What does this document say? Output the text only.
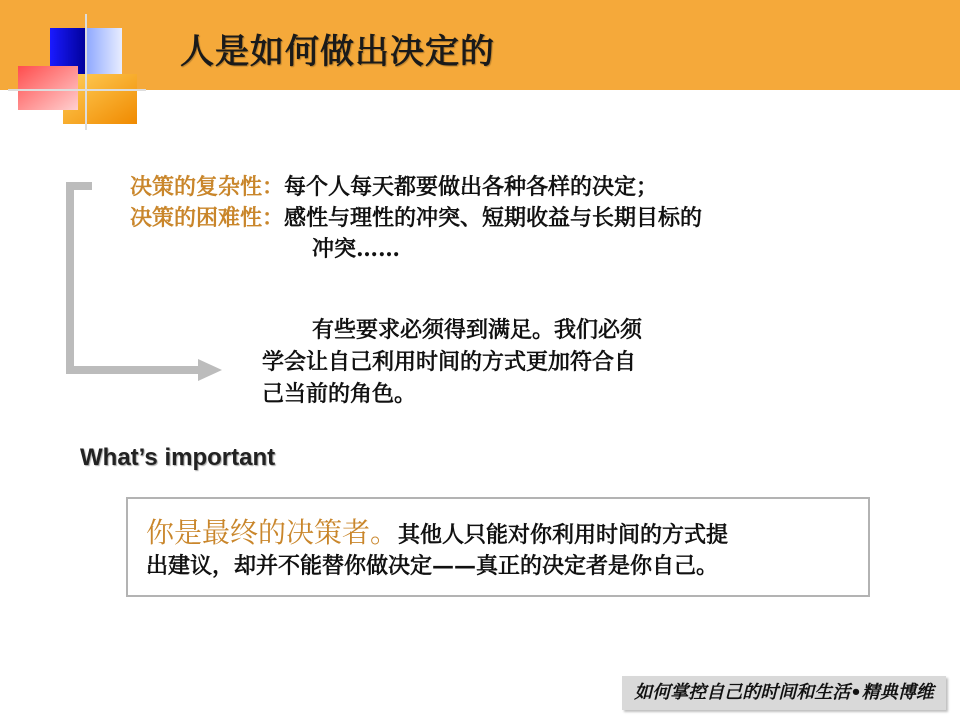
人是如何做出决定的
决策的复杂性：每个人每天都要做出各种各样的决定；
决策的困难性：感性与理性的冲突、短期收益与长期目标的
冲突……
有些要求必须得到满足。我们必须
学会让自己利用时间的方式更加符合自
己当前的角色。
What’s important
你是最终的决策者。其他人只能对你利用时间的方式提
出建议，却并不能替你做决定——真正的决定者是你自己。
如何掌控自己的时间和生活•精典博维
